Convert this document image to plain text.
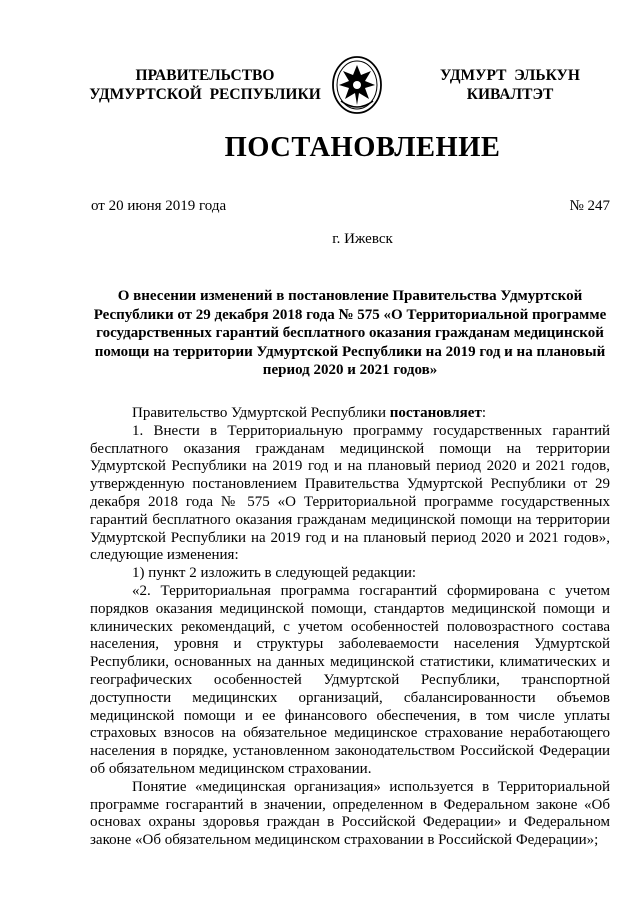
ПРАВИТЕЛЬСТВО
УДМУРТСКОЙ  РЕСПУБЛИКИ
УДМУРТ  ЭЛЬКУН
КИВАЛТЭТ
ПОСТАНОВЛЕНИЕ
от 20 июня 2019 года	№ 247
г. Ижевск
О внесении изменений в постановление Правительства Удмуртской Республики от 29 декабря 2018 года № 575 «О Территориальной программе государственных гарантий бесплатного оказания гражданам медицинской помощи на территории Удмуртской Республики на 2019 год и на плановый период 2020 и 2021 годов»

Правительство Удмуртской Республики постановляет:

1. Внести в Территориальную программу государственных гарантий бесплатного оказания гражданам медицинской помощи на территории Удмуртской Республики на 2019 год и на плановый период 2020 и 2021 годов, утвержденную постановлением Правительства Удмуртской Республики от 29 декабря 2018 года № 575 «О Территориальной программе государственных гарантий бесплатного оказания гражданам медицинской помощи на территории Удмуртской Республики на 2019 год и на плановый период 2020 и 2021 годов», следующие изменения:

1) пункт 2 изложить в следующей редакции:

«2. Территориальная программа госгарантий сформирована с учетом порядков оказания медицинской помощи, стандартов медицинской помощи и клинических рекомендаций, с учетом особенностей половозрастного состава населения, уровня и структуры заболеваемости населения Удмуртской Республики, основанных на данных медицинской статистики, климатических и географических особенностей Удмуртской Республики, транспортной доступности медицинских организаций, сбалансированности объемов медицинской помощи и ее финансового обеспечения, в том числе уплаты страховых взносов на обязательное медицинское страхование неработающего населения в порядке, установленном законодательством Российской Федерации об обязательном медицинском страховании.

Понятие «медицинская организация» используется в Территориальной программе госгарантий в значении, определенном в Федеральном законе «Об основах охраны здоровья граждан в Российской Федерации» и Федеральном законе «Об обязательном медицинском страховании в Российской Федерации»;
